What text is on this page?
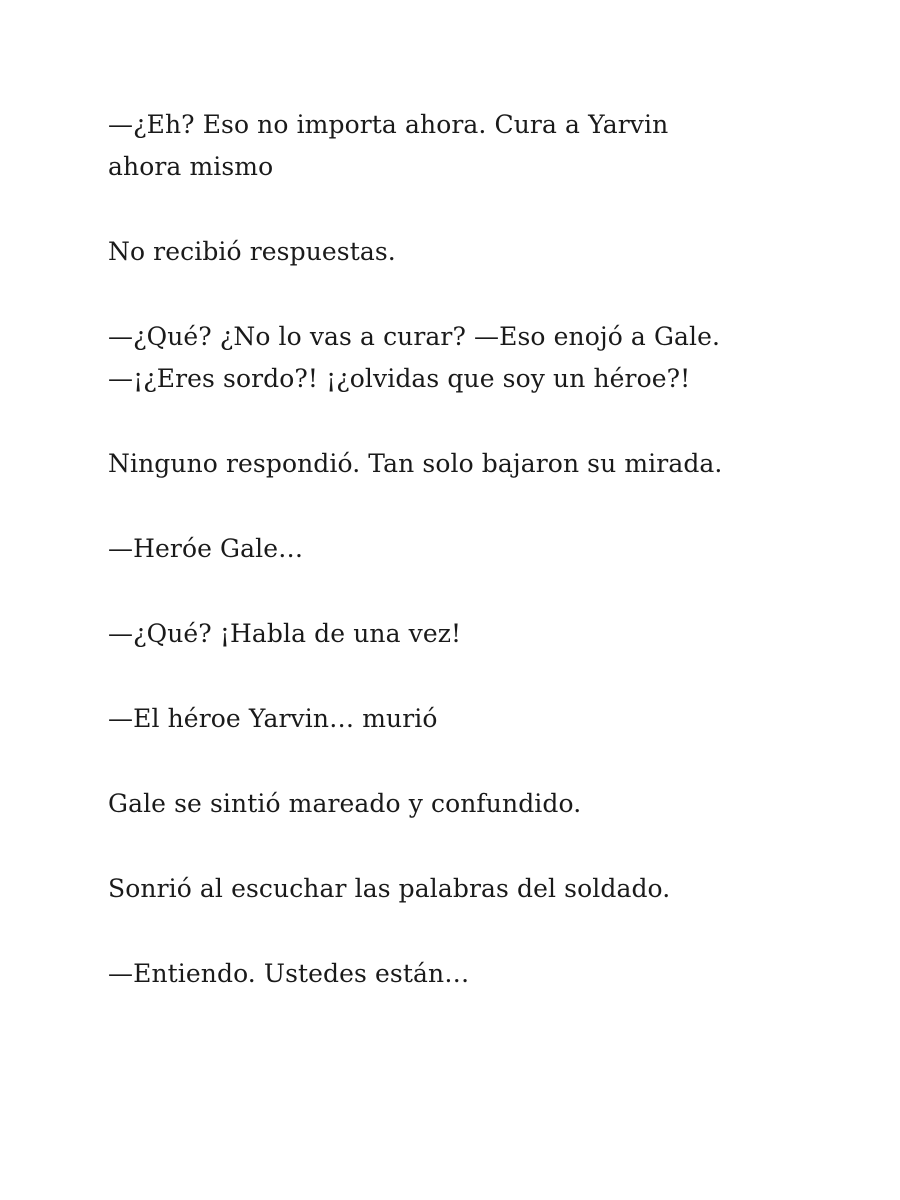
—¿Eh? Eso no importa ahora. Cura a Yarvin
ahora mismo

No recibió respuestas.

—¿Qué? ¿No lo vas a curar? —Eso enojó a Gale.
—¡¿Eres sordo?! ¡¿olvidas que soy un héroe?!

Ninguno respondió. Tan solo bajaron su mirada.

—Heróe Gale…

—¿Qué? ¡Habla de una vez!

—El héroe Yarvin… murió

Gale se sintió mareado y confundido.

Sonrió al escuchar las palabras del soldado.

—Entiendo. Ustedes están…
